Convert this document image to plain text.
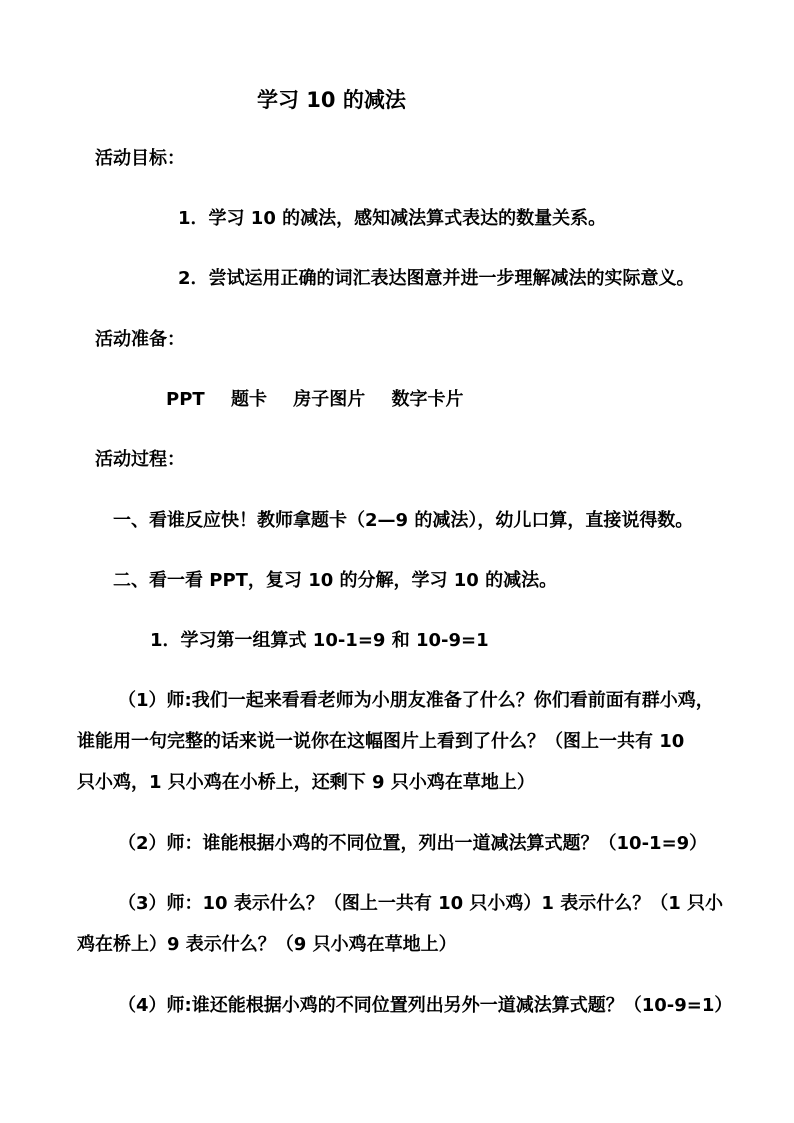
学习 10 的减法
活动目标：
1．学习 10 的减法，感知减法算式表达的数量关系。
2．尝试运用正确的词汇表达图意并进一步理解减法的实际意义。
活动准备：
PPT 题卡 房子图片 数字卡片
活动过程：
一、看谁反应快！教师拿题卡（2—9 的减法），幼儿口算，直接说得数。
二、看一看 PPT，复习 10 的分解，学习 10 的减法。
1．学习第一组算式 10-1=9 和 10-9=1
（1）师:我们一起来看看老师为小朋友准备了什么？你们看前面有群小鸡，
谁能用一句完整的话来说一说你在这幅图片上看到了什么？（图上一共有 10
只小鸡，1 只小鸡在小桥上，还剩下 9 只小鸡在草地上）
（2）师：谁能根据小鸡的不同位置，列出一道减法算式题？（10-1=9）
（3）师：10 表示什么？（图上一共有 10 只小鸡）1 表示什么？（1 只小
鸡在桥上）9 表示什么？（9 只小鸡在草地上）
（4）师:谁还能根据小鸡的不同位置列出另外一道减法算式题？（10-9=1）
